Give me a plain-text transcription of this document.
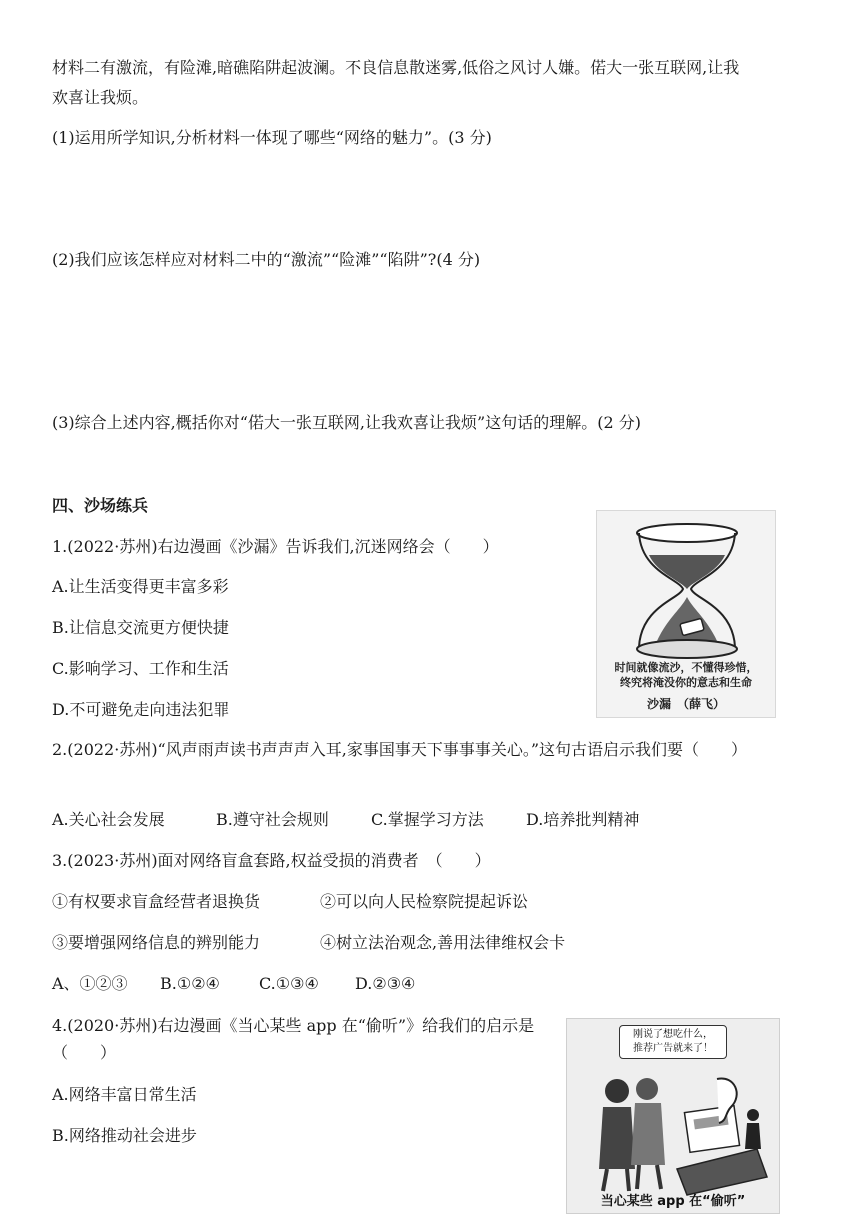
材料二有激流，有险滩,暗礁陷阱起波澜。不良信息散迷雾,低俗之风讨人嫌。偌大一张互联网,让我
欢喜让我烦。
(1)运用所学知识,分析材料一体现了哪些“网络的魅力”。(3 分)
(2)我们应该怎样应对材料二中的“激流”“险滩”“陷阱”?(4 分)
(3)综合上述内容,概括你对“偌大一张互联网,让我欢喜让我烦”这句话的理解。(2 分)
四、沙场练兵
1.(2022·苏州)右边漫画《沙漏》告诉我们,沉迷网络会（　　）
A.让生活变得更丰富多彩
B.让信息交流更方便快捷
C.影响学习、工作和生活
D.不可避免走向违法犯罪
2.(2022·苏州)“风声雨声读书声声声入耳,家事国事天下事事事关心。”这句古语启示我们要（　　）
A.关心社会发展	B.遵守社会规则	C.掌握学习方法	D.培养批判精神
3.(2023·苏州)面对网络盲盒套路,权益受损的消费者　（　　）
①有权要求盲盒经营者退换货	②可以向人民检察院提起诉讼
③要增强网络信息的辨别能力	④树立法治观念,善用法律维权会卡
A、①②③ B.①②④ C.①③④ D.②③④
4.(2020·苏州)右边漫画《当心某些 app 在“偷听”》给我们的启示是
（　　）
A.网络丰富日常生活
B.网络推动社会进步
时间就像流沙，不懂得珍惜，
终究将淹没你的意志和生命
沙漏　（薛飞）
刚说了想吃什么，
推荐广告就来了！
当心某些 app 在“偷听”
